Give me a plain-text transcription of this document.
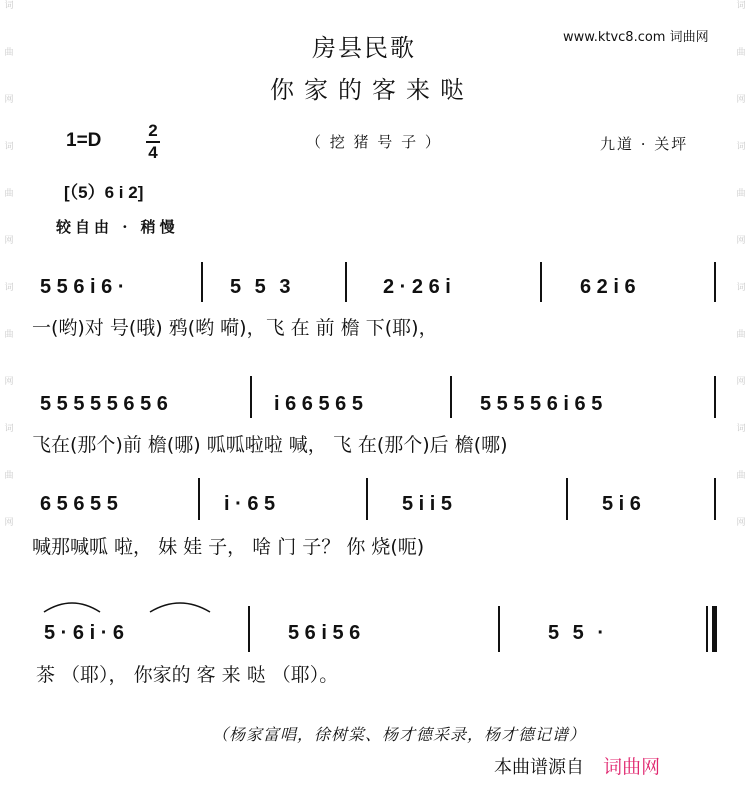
词
曲
网
词
曲
网
词
曲
网
词
曲
网
词
曲
网
词
曲
网
词
曲
网
词
曲
网
房县民歌
你家的客来哒
www.ktvc8.com 词曲网
1=D	2
4
（ 挖 猪 号 子 ）	九道 · 关坪
[（5）6 i 2]
较自由 · 稍慢
5 5 6 i 6 ·	5 5 3	2 · 2 6 i	6 2 i 6
一(哟)对 号(哦) 鸦(哟 嗬)，飞 在 前 檐 下(耶)，
5 5 5 5 5 6 5 6	i 6 6 5 6 5	5 5 5 5 6 i 6 5
飞在(那个)前 檐(哪) 呱呱啦啦 喊， 飞 在(那个)后 檐(哪)
6 5 6 5 5	i · 6 5	5 i i 5	5 i 6
喊那喊呱 啦， 妹 娃 子， 啥 门 子？ 你 烧(呃)
5 · 6 i · 6	5 6 i 5 6	5 5 ·
茶 （耶）， 你家的 客 来 哒 （耶）。
（杨家富唱，徐树棠、杨才德采录，杨才德记谱）
本曲谱源自 词曲网
